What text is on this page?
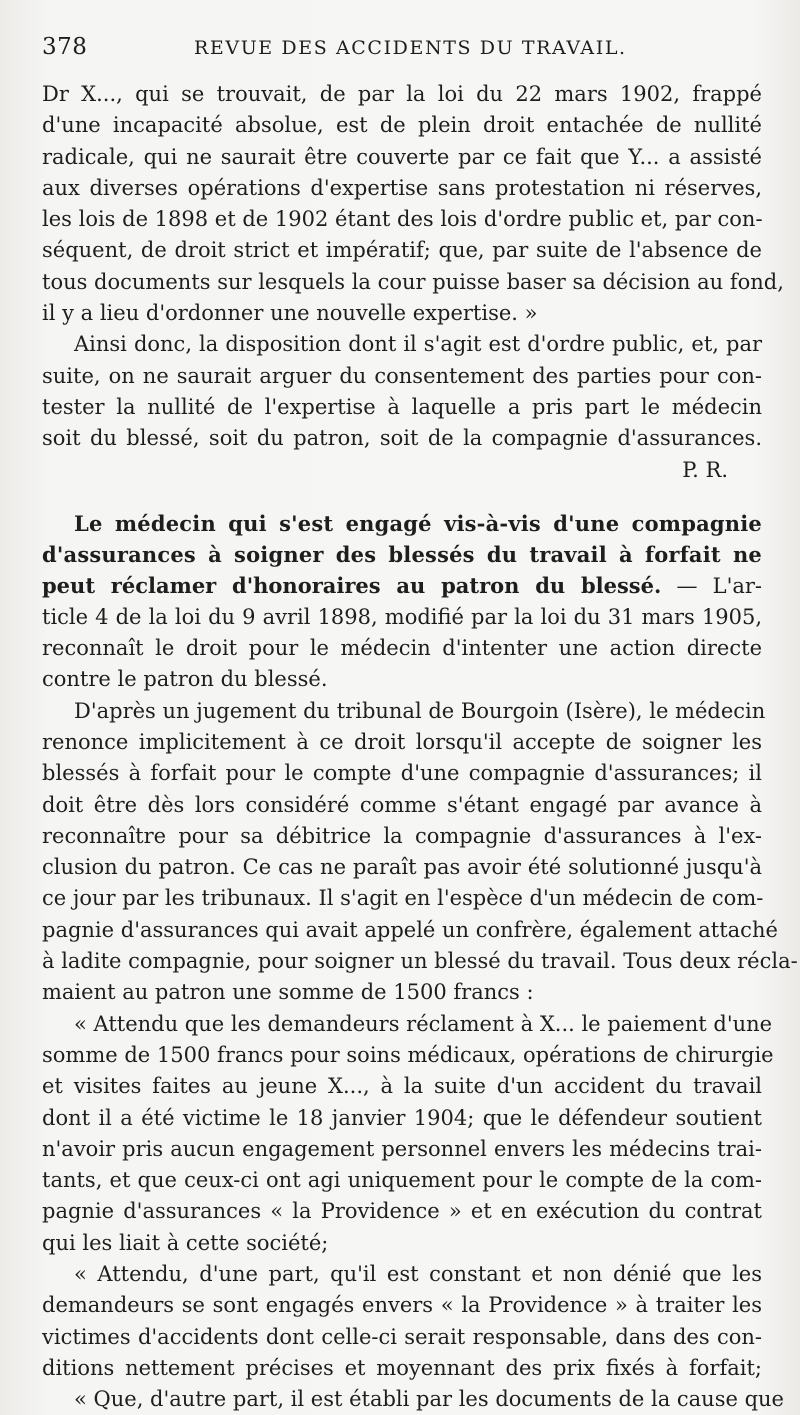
378	REVUE DES ACCIDENTS DU TRAVAIL.
Dr X..., qui se trouvait, de par la loi du 22 mars 1902, frappé
d'une incapacité absolue, est de plein droit entachée de nullité
radicale, qui ne saurait être couverte par ce fait que Y... a assisté
aux diverses opérations d'expertise sans protestation ni réserves,
les lois de 1898 et de 1902 étant des lois d'ordre public et, par con-
séquent, de droit strict et impératif; que, par suite de l'absence de
tous documents sur lesquels la cour puisse baser sa décision au fond,
il y a lieu d'ordonner une nouvelle expertise. »
Ainsi donc, la disposition dont il s'agit est d'ordre public, et, par
suite, on ne saurait arguer du consentement des parties pour con-
tester la nullité de l'expertise à laquelle a pris part le médecin
soit du blessé, soit du patron, soit de la compagnie d'assurances.
P. R.
Le médecin qui s'est engagé vis-à-vis d'une compagnie
d'assurances à soigner des blessés du travail à forfait ne
peut réclamer d'honoraires au patron du blessé. — L'ar-
ticle 4 de la loi du 9 avril 1898, modifié par la loi du 31 mars 1905,
reconnaît le droit pour le médecin d'intenter une action directe
contre le patron du blessé.
D'après un jugement du tribunal de Bourgoin (Isère), le médecin
renonce implicitement à ce droit lorsqu'il accepte de soigner les
blessés à forfait pour le compte d'une compagnie d'assurances; il
doit être dès lors considéré comme s'étant engagé par avance à
reconnaître pour sa débitrice la compagnie d'assurances à l'ex-
clusion du patron. Ce cas ne paraît pas avoir été solutionné jusqu'à
ce jour par les tribunaux. Il s'agit en l'espèce d'un médecin de com-
pagnie d'assurances qui avait appelé un confrère, également attaché
à ladite compagnie, pour soigner un blessé du travail. Tous deux récla-
maient au patron une somme de 1500 francs :
« Attendu que les demandeurs réclament à X... le paiement d'une
somme de 1500 francs pour soins médicaux, opérations de chirurgie
et visites faites au jeune X..., à la suite d'un accident du travail
dont il a été victime le 18 janvier 1904; que le défendeur soutient
n'avoir pris aucun engagement personnel envers les médecins trai-
tants, et que ceux-ci ont agi uniquement pour le compte de la com-
pagnie d'assurances « la Providence » et en exécution du contrat
qui les liait à cette société;
« Attendu, d'une part, qu'il est constant et non dénié que les
demandeurs se sont engagés envers « la Providence » à traiter les
victimes d'accidents dont celle-ci serait responsable, dans des con-
ditions nettement précises et moyennant des prix fixés à forfait;
« Que, d'autre part, il est établi par les documents de la cause que
